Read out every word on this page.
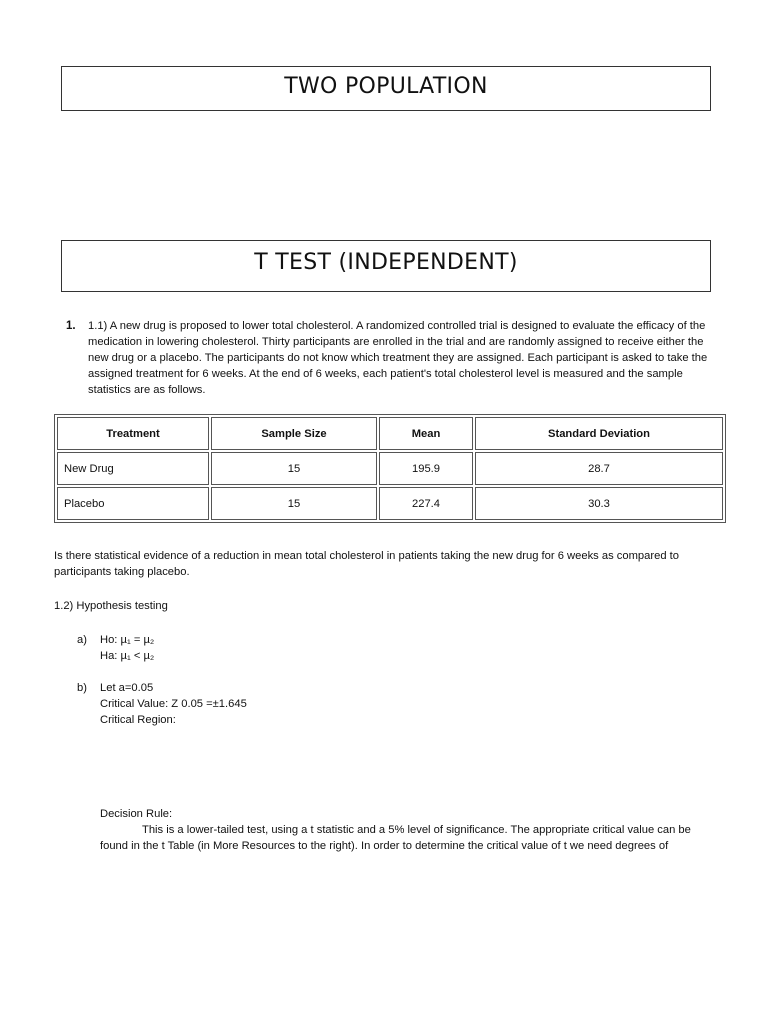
TWO POPULATION
T TEST (INDEPENDENT)
1. 1.1) A new drug is proposed to lower total cholesterol. A randomized controlled trial is designed to evaluate the efficacy of the medication in lowering cholesterol. Thirty participants are enrolled in the trial and are randomly assigned to receive either the new drug or a placebo. The participants do not know which treatment they are assigned. Each participant is asked to take the assigned treatment for 6 weeks. At the end of 6 weeks, each patient's total cholesterol level is measured and the sample statistics are as follows.
Treatment	Sample Size	Mean	Standard Deviation
New Drug	15	195.9	28.7
Placebo	15	227.4	30.3
Is there statistical evidence of a reduction in mean total cholesterol in patients taking the new drug for 6 weeks as compared to participants taking placebo.
1.2) Hypothesis testing
a) Ho: µ₁ = µ₂
Ha: µ₁ < µ₂
b) Let a=0.05
Critical Value: Z 0.05 =±1.645
Critical Region:
Decision Rule:
This is a lower-tailed test, using a t statistic and a 5% level of significance. The appropriate critical value can be found in the t Table (in More Resources to the right). In order to determine the critical value of t we need degrees of
